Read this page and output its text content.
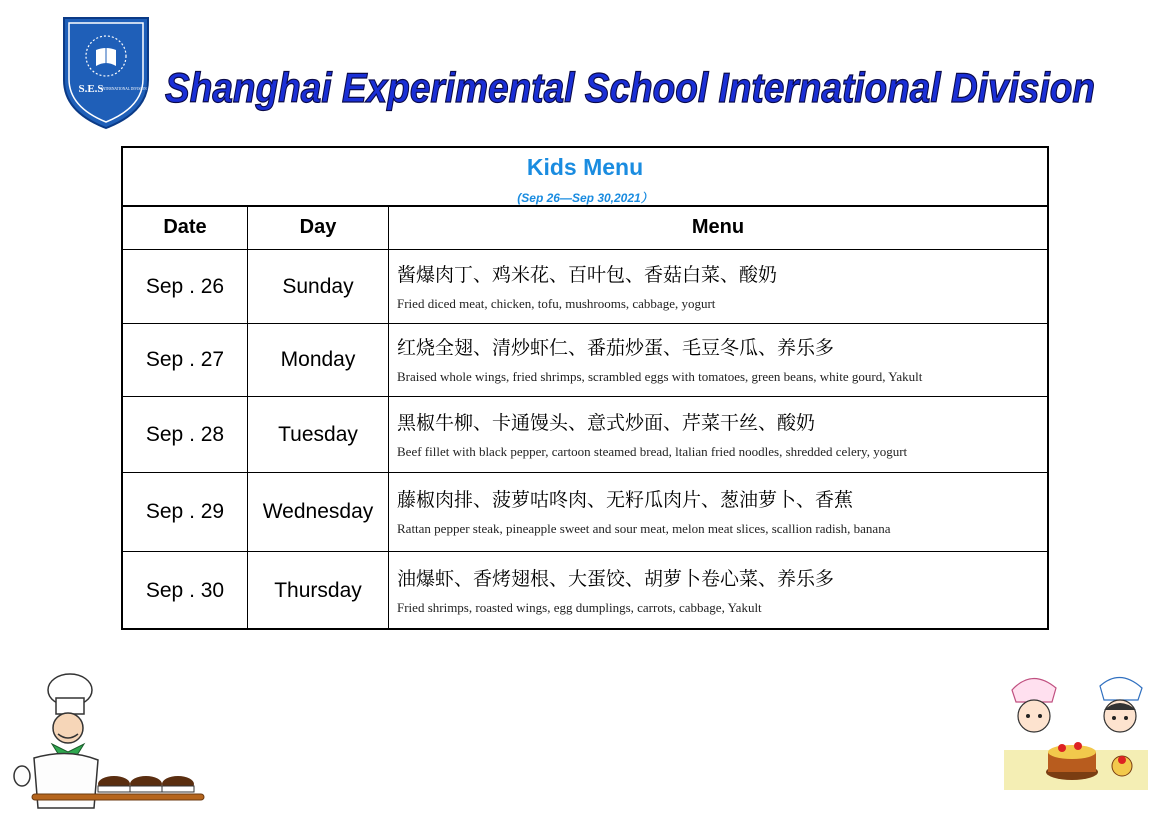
S.E.S
INTERNATIONAL DIVISION Shanghai Experimental School International Division
Kids Menu
(Sep 26—Sep 30,2021）
Date	Day	Menu
Sep . 26	Sunday	酱爆肉丁、鸡米花、百叶包、香菇白菜、酸奶
Fried diced meat, chicken, tofu, mushrooms, cabbage, yogurt
Sep . 27	Monday	红烧全翅、清炒虾仁、番茄炒蛋、毛豆冬瓜、养乐多
Braised whole wings, fried shrimps, scrambled eggs with tomatoes, green beans, white gourd, Yakult
Sep . 28	Tuesday	黑椒牛柳、卡通馒头、意式炒面、芹菜干丝、酸奶
Beef fillet with black pepper, cartoon steamed bread, ltalian fried noodles, shredded celery, yogurt
Sep . 29	Wednesday	藤椒肉排、菠萝咕咚肉、无籽瓜肉片、葱油萝卜、香蕉
Rattan pepper steak, pineapple sweet and sour meat, melon meat slices, scallion radish, banana
Sep . 30	Thursday	油爆虾、香烤翅根、大蛋饺、胡萝卜卷心菜、养乐多
Fried shrimps, roasted wings, egg dumplings, carrots, cabbage, Yakult
